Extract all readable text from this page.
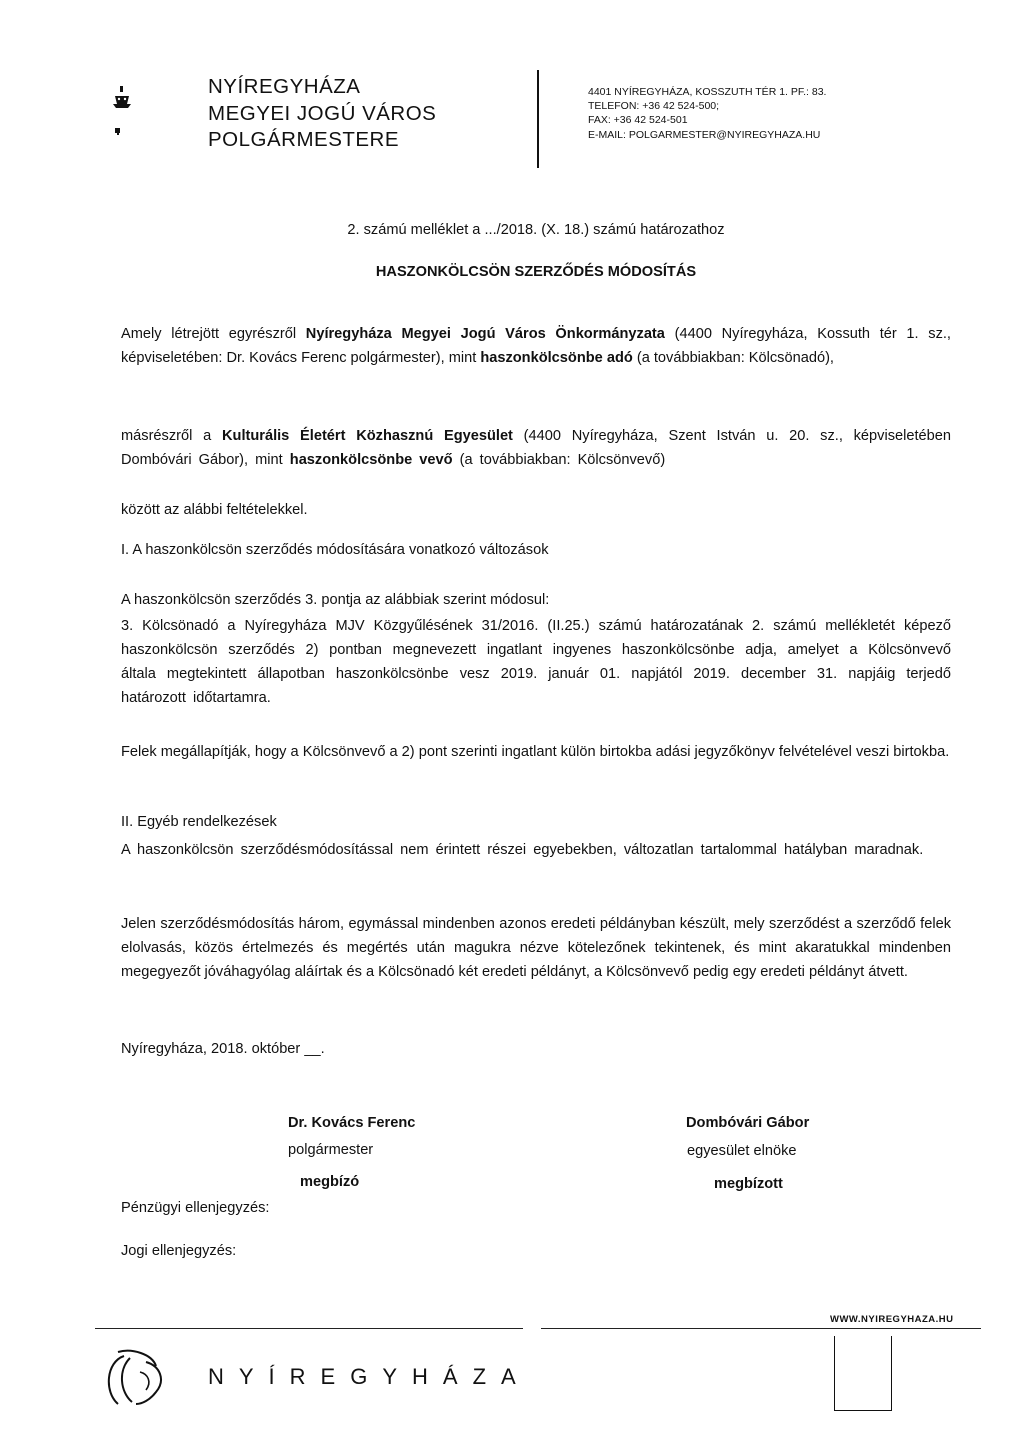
NYÍREGYHÁZA
MEGYEI JOGÚ VÁROS
POLGÁRMESTERE
4401 NYÍREGYHÁZA, KOSSZUTH TÉR 1. PF.: 83.
TELEFON: +36 42 524-500;
FAX: +36 42 524-501
E-MAIL: POLGARMESTER@NYIREGYHAZA.HU
2. számú melléklet a .../2018. (X. 18.) számú határozathoz
HASZONKÖLCSÖN SZERZŐDÉS MÓDOSÍTÁS
Amely létrejött egyrészről Nyíregyháza Megyei Jogú Város Önkormányzata (4400 Nyíregyháza, Kossuth tér 1. sz., képviseletében: Dr. Kovács Ferenc polgármester), mint haszonkölcsönbe adó (a továbbiakban: Kölcsönadó),
másrészről a Kulturális Életért Közhasznú Egyesület (4400 Nyíregyháza, Szent István u. 20. sz., képviseletében Dombóvári Gábor), mint haszonkölcsönbe vevő (a továbbiakban: Kölcsönvevő)
között az alábbi feltételekkel.
I. A haszonkölcsön szerződés módosítására vonatkozó változások
A haszonkölcsön szerződés 3. pontja az alábbiak szerint módosul:
3. Kölcsönadó a Nyíregyháza MJV Közgyűlésének 31/2016. (II.25.) számú határozatának 2. számú mellékletét képező haszonkölcsön szerződés 2) pontban megnevezett ingatlant ingyenes haszonkölcsönbe adja, amelyet a Kölcsönvevő általa megtekintett állapotban haszonkölcsönbe vesz 2019. január 01. napjától 2019. december 31. napjáig terjedő határozott időtartamra.
Felek megállapítják, hogy a Kölcsönvevő a 2) pont szerinti ingatlant külön birtokba adási jegyzőkönyv felvételével veszi birtokba.
II. Egyéb rendelkezések
A haszonkölcsön szerződésmódosítással nem érintett részei egyebekben, változatlan tartalommal hatályban maradnak.
Jelen szerződésmódosítás három, egymással mindenben azonos eredeti példányban készült, mely szerződést a szerződő felek elolvasás, közös értelmezés és megértés után magukra nézve kötelezőnek tekintenek, és mint akaratukkal mindenben megegyezőt jóváhagyólag aláírtak és a Kölcsönadó két eredeti példányt, a Kölcsönvevő pedig egy eredeti példányt átvett.
Nyíregyháza, 2018. október __.
Dr. Kovács Ferenc
polgármester
megbízó
Dombóvári Gábor
egyesület elnöke
megbízott
Pénzügyi ellenjegyzés:
Jogi ellenjegyzés:
WWW.NYIREGYHAZA.HU
NYÍREGYHÁZA
